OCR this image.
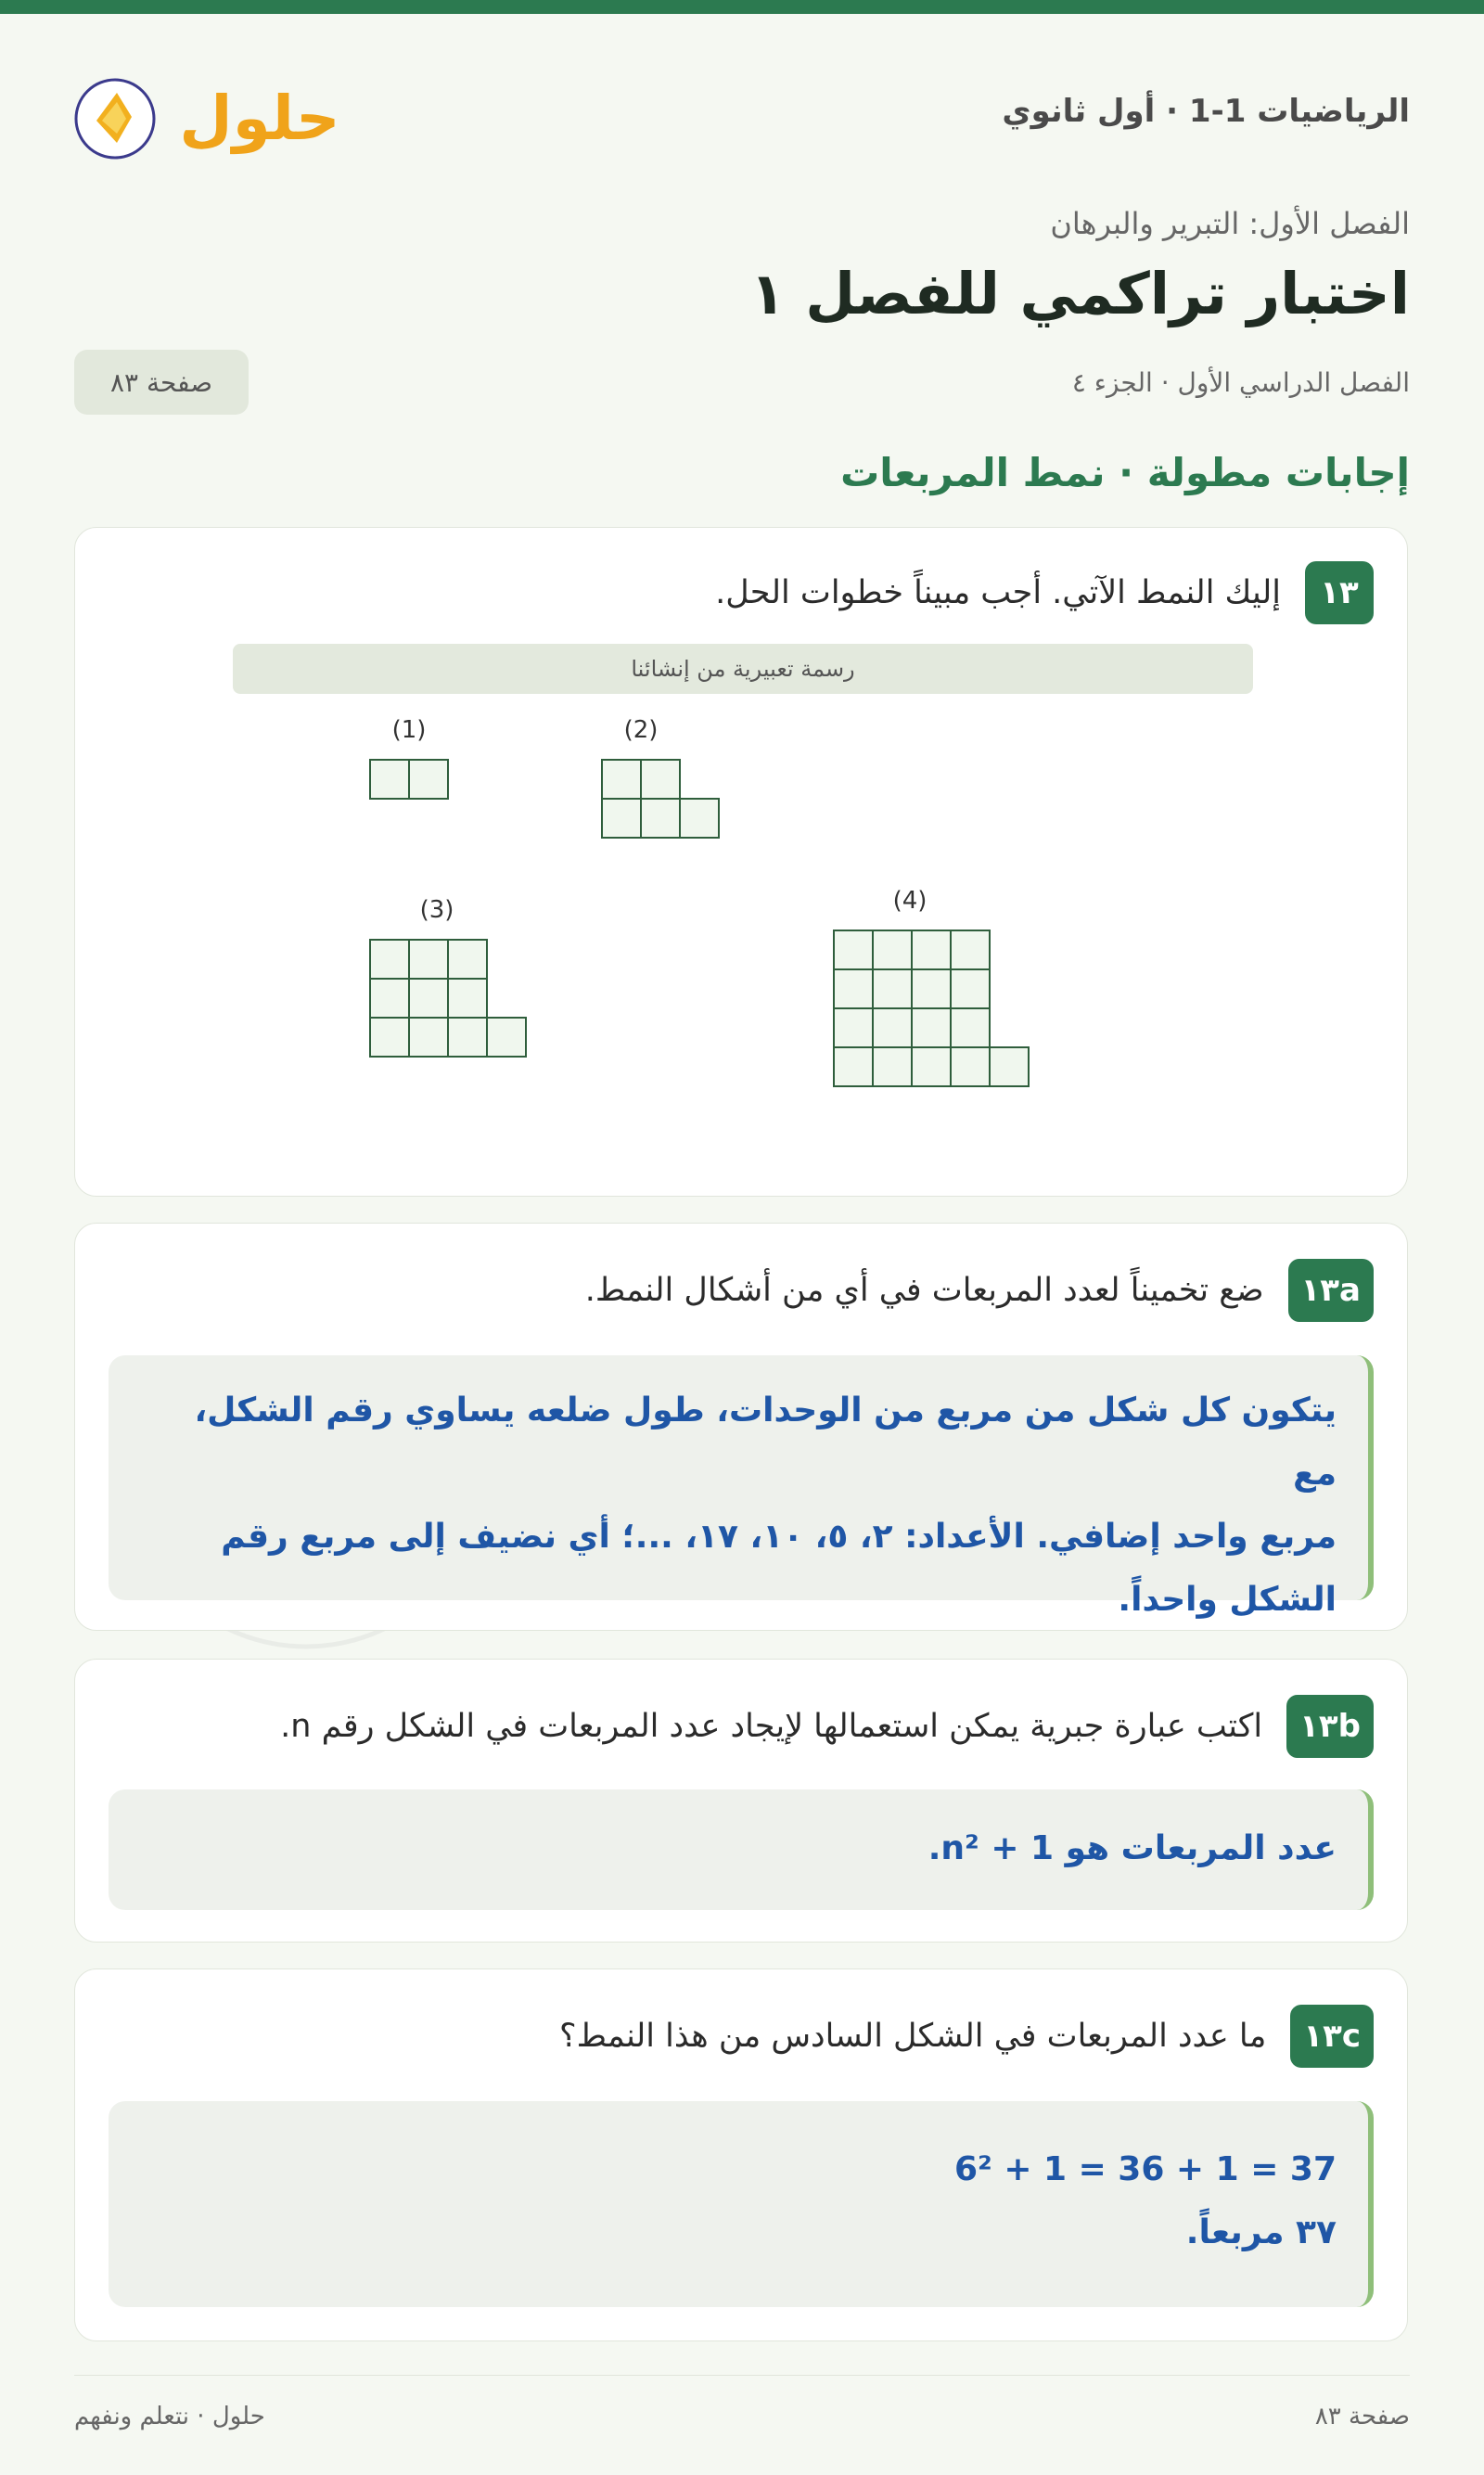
الرياضيات 1-1 · أول ثانوي
حلول
الفصل الأول: التبرير والبرهان
اختبار تراكمي للفصل ١
الفصل الدراسي الأول · الجزء ٤
صفحة ٨٣
إجابات مطولة · نمط المربعات
١٣
إليك النمط الآتي. أجب مبيناً خطوات الحل.
رسمة تعبيرية من إنشائنا
(1)	(2)
(3)	(4)
١٣a
ضع تخميناً لعدد المربعات في أي من أشكال النمط.
يتكون كل شكل من مربع من الوحدات، طول ضلعه يساوي رقم الشكل، مع
مربع واحد إضافي. الأعداد: ٢، ٥، ١٠، ١٧، ...؛ أي نضيف إلى مربع رقم
الشكل واحداً.
١٣b
اكتب عبارة جبرية يمكن استعمالها لإيجاد عدد المربعات في الشكل رقم n.
عدد المربعات هو n² + 1.
١٣c
ما عدد المربعات في الشكل السادس من هذا النمط؟
6² + 1 = 36 + 1 = 37
٣٧ مربعاً.
صفحة ٨٣
حلول · نتعلم ونفهم
